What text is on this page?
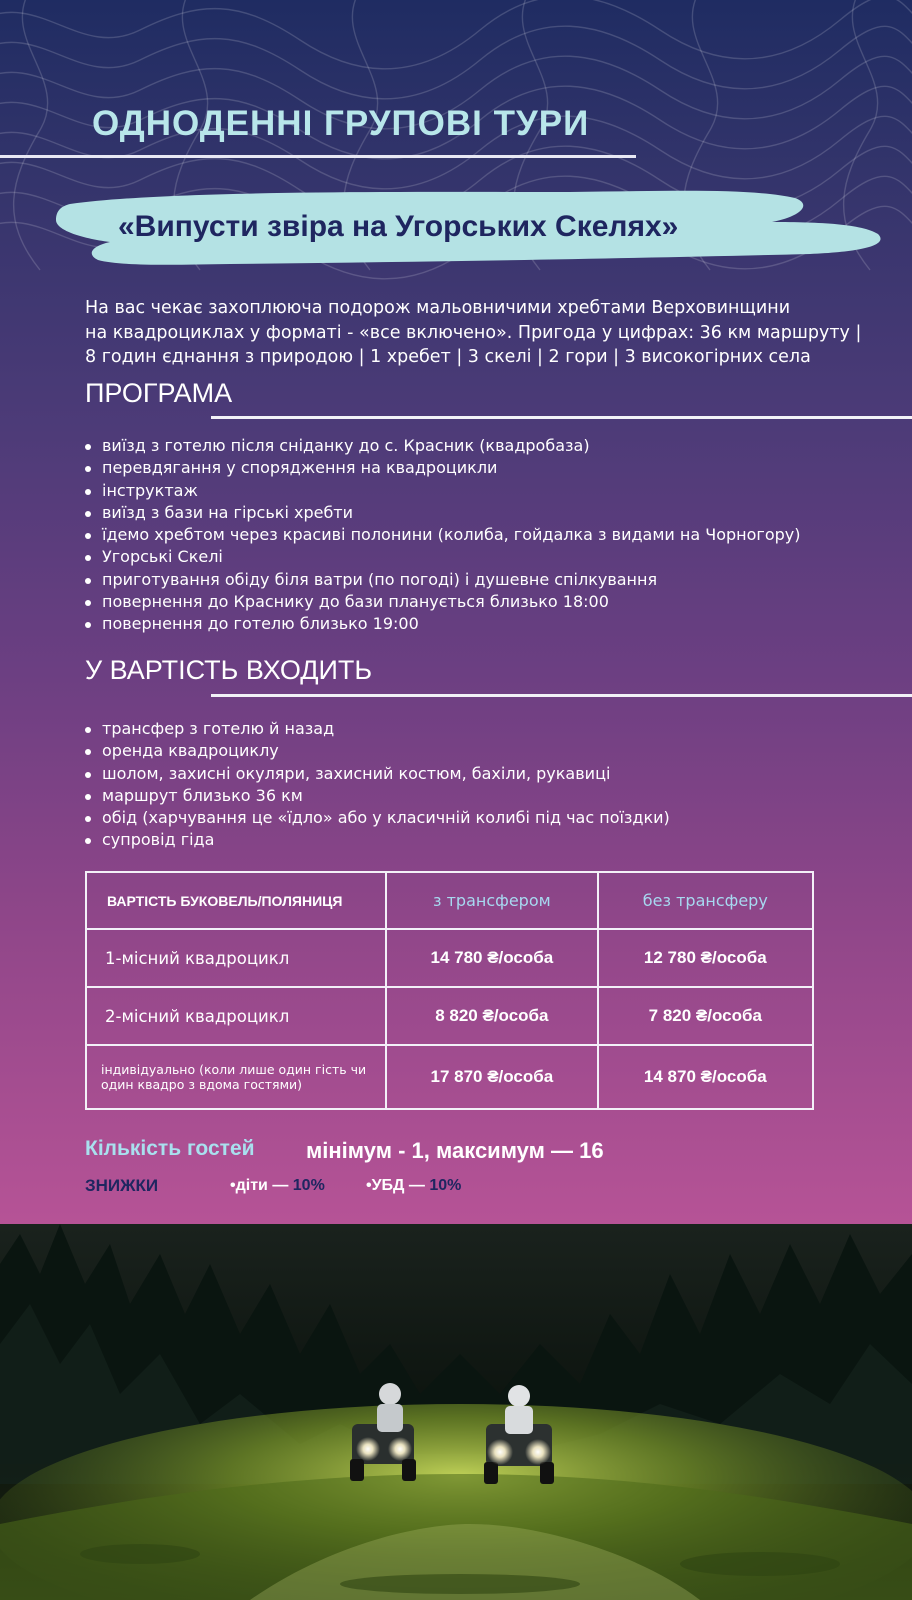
ОДНОДЕННІ ГРУПОВІ ТУРИ
«Випусти звіра на Угорських Скелях»

На вас чекає захоплююча подорож мальовничими хребтами Верховинщини

на квадроциклах у форматі - «все включено». Пригода у цифрах: 36 км маршруту |

8 годин єднання з природою | 1 хребет | 3 скелі | 2 гори | 3 високогірних села

ПРОГРАМА
виїзд з готелю після сніданку до с. Красник (квадробаза)
перевдягання у спорядження на квадроцикли
інструктаж
виїзд з бази на гірські хребти
їдемо хребтом через красиві полонини (колиба, гойдалка з видами на Чорногору)
Угорські Скелі
приготування обіду біля ватри (по погоді) і душевне спілкування
повернення до Краснику до бази планується близько 18:00
повернення до готелю близько 19:00
У ВАРТІСТЬ ВХОДИТЬ
трансфер з готелю й назад
оренда квадроциклу
шолом, захисні окуляри, захисний костюм, бахіли, рукавиці
маршрут близько 36 км
обід (харчування це «їдло» або у класичній колибі під час поїздки)
супровід гіда
ВАРТІСТЬ БУКОВЕЛЬ/ПОЛЯНИЦЯ	з трансфером	без трансферу
1-місний квадроцикл	14 780 ₴/особа	12 780 ₴/особа
2-місний квадроцикл	8 820 ₴/особа	7 820 ₴/особа
індивідуально (коли лише один гість чи один квадро з вдома гостями)	17 870 ₴/особа	14 870 ₴/особа
Кількість гостей мінімум - 1, максимум — 16
ЗНИЖКИ	•діти — 10%	•УБД — 10%
